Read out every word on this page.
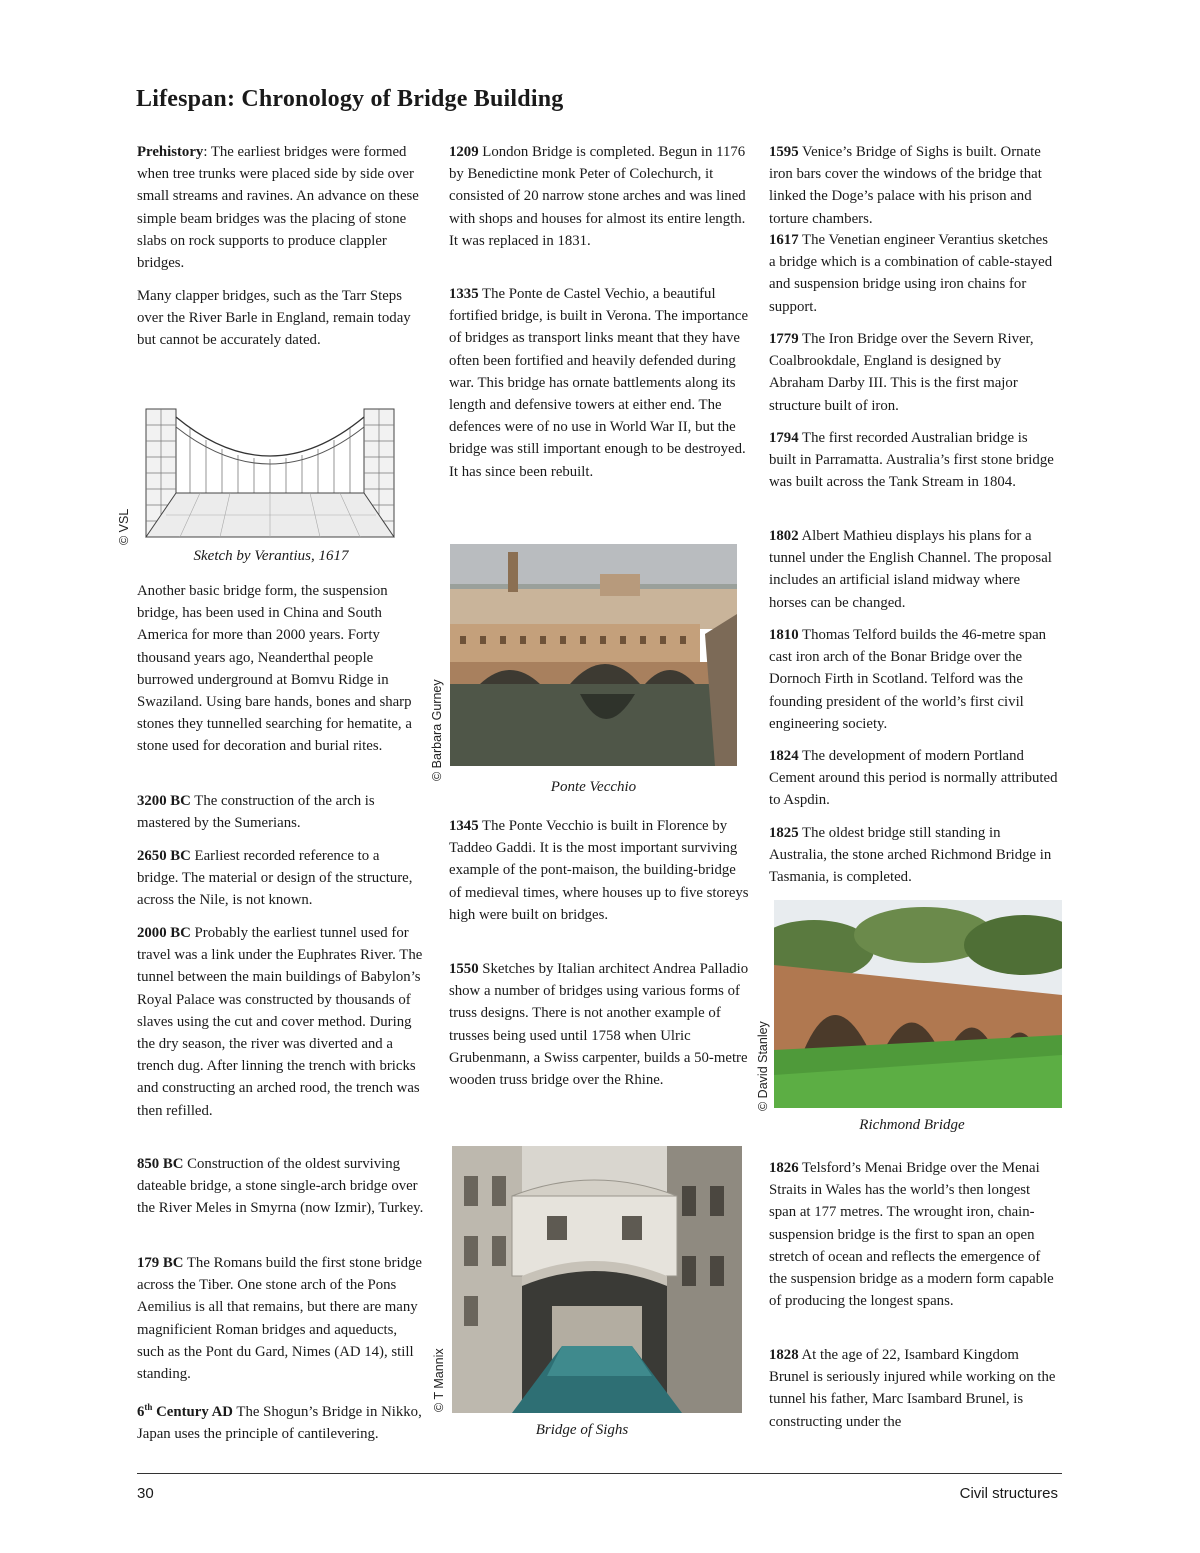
Lifespan: Chronology of Bridge Building

Prehistory: The earliest bridges were formed when tree trunks were placed side by side over small streams and ravines. An advance on these simple beam bridges was the placing of stone slabs on rock supports to produce clappler bridges.

Many clapper bridges, such as the Tarr Steps over the River Barle in England, remain today but cannot be accurately dated.

© VSL
Sketch by Verantius, 1617

Another basic bridge form, the suspension bridge, has been used in China and South America for more than 2000 years. Forty thousand years ago, Neanderthal people burrowed underground at Bomvu Ridge in Swaziland. Using bare hands, bones and sharp stones they tunnelled searching for hematite, a stone used for decoration and burial rites.

3200 BC The construction of the arch is mastered by the Sumerians.

2650 BC Earliest recorded reference to a bridge. The material or design of the structure, across the Nile, is not known.

2000 BC Probably the earliest tunnel used for travel was a link under the Euphrates River. The tunnel between the main buildings of Babylon’s Royal Palace was constructed by thousands of slaves using the cut and cover method. During the dry season, the river was diverted and a trench dug. After linning the trench with bricks and constructing an arched rood, the trench was then refilled.

850 BC Construction of the oldest surviving dateable bridge, a stone single-arch bridge over the River Meles in Smyrna (now Izmir), Turkey.

179 BC The Romans build the first stone bridge across the Tiber. One stone arch of the Pons Aemilius is all that remains, but there are many magnificient Roman bridges and aqueducts, such as the Pont du Gard, Nimes (AD 14), still standing.

6th Century AD The Shogun’s Bridge in Nikko, Japan uses the principle of cantilevering.

1209 London Bridge is completed. Begun in 1176 by Benedictine monk Peter of Colechurch, it consisted of 20 narrow stone arches and was lined with shops and houses for almost its entire length. It was replaced in 1831.

1335 The Ponte de Castel Vechio, a beautiful fortified bridge, is built in Verona. The importance of bridges as transport links meant that they have often been fortified and heavily defended during war. This bridge has ornate battlements along its length and defensive towers at either end. The defences were of no use in World War II, but the bridge was still important enough to be destroyed. It has since been rebuilt.

© Barbara Gurney
Ponte Vecchio

1345 The Ponte Vecchio is built in Florence by Taddeo Gaddi. It is the most important surviving example of the pont-maison, the building-bridge of medieval times, where houses up to five storeys high were built on bridges.

1550 Sketches by Italian architect Andrea Palladio show a number of bridges using various forms of truss designs. There is not another example of trusses being used until 1758 when Ulric Grubenmann, a Swiss carpenter, builds a 50-metre wooden truss bridge over the Rhine.

© T Mannix
Bridge of Sighs

1595 Venice’s Bridge of Sighs is built. Ornate iron bars cover the windows of the bridge that linked the Doge’s palace with his prison and torture chambers.

1617 The Venetian engineer Verantius sketches a bridge which is a combination of cable-stayed and suspension bridge using iron chains for support.

1779 The Iron Bridge over the Severn River, Coalbrookdale, England is designed by Abraham Darby III. This is the first major structure built of iron.

1794 The first recorded Australian bridge is built in Parramatta. Australia’s first stone bridge was built across the Tank Stream in 1804.

1802 Albert Mathieu displays his plans for a tunnel under the English Channel. The proposal includes an artificial island midway where horses can be changed.

1810 Thomas Telford builds the 46-metre span cast iron arch of the Bonar Bridge over the Dornoch Firth in Scotland. Telford was the founding president of the world’s first civil engineering society.

1824 The development of modern Portland Cement around this period is normally attributed to Aspdin.

1825 The oldest bridge still standing in Australia, the stone arched Richmond Bridge in Tasmania, is completed.

© David Stanley
Richmond Bridge

1826 Telsford’s Menai Bridge over the Menai Straits in Wales has the world’s then longest span at 177 metres. The wrought iron, chain-suspension bridge is the first to span an open stretch of ocean and reflects the emergence of the suspension bridge as a modern form capable of producing the longest spans.

1828 At the age of 22, Isambard Kingdom Brunel is seriously injured while working on the tunnel his father, Marc Isambard Brunel, is constructing under the

30	Civil structures
